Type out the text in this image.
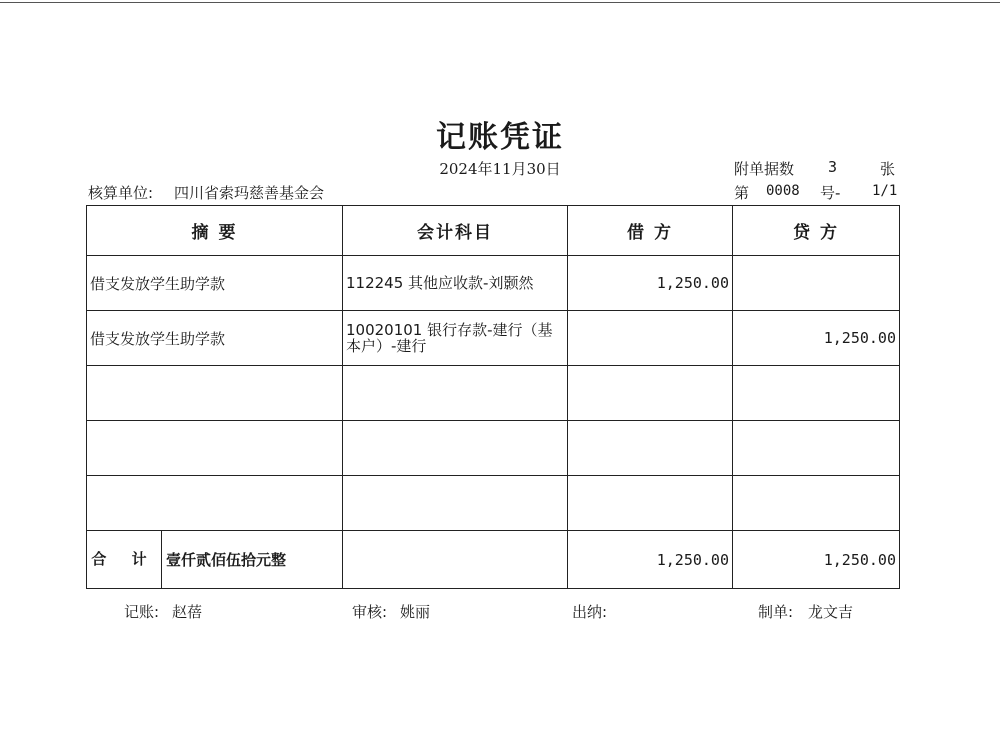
记账凭证
2024年11月30日	附单据数 3	张
核算单位: 四川省索玛慈善基金会	第 0008 号- 1/1
摘 要	会计科目	借 方	贷 方
借支发放学生助学款	112245 其他应收款-刘颢然	1,250.00	
借支发放学生助学款	10020101 银行存款-建行（基本户）-建行		1,250.00

合 计 壹仟贰佰伍拾元整		1,250.00	1,250.00
记账: 赵蓓	审核: 姚丽	出纳:	制单: 龙文吉
